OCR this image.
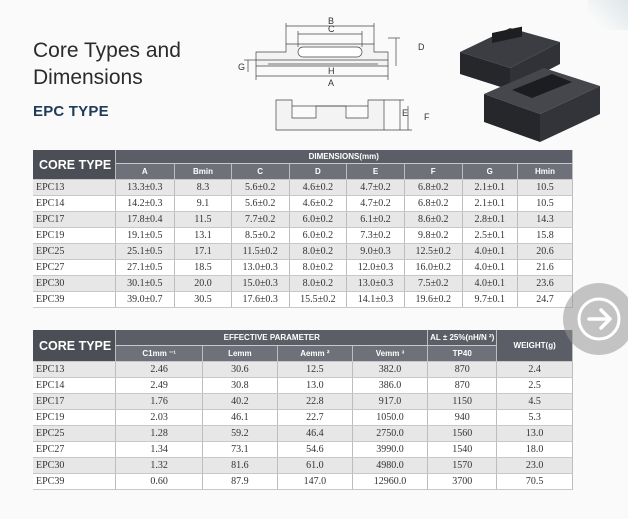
Core Types and
Dimensions
EPC TYPE
B
C
D
G	H
A
E F
CORE TYPE	DIMENSIONS(mm)							
	A	Bmin	C	D	E	F	G	Hmin
EPC13	13.3±0.3	8.3	5.6±0.2	4.6±0.2	4.7±0.2	6.8±0.2	2.1±0.1	10.5
EPC14	14.2±0.3	9.1	5.6±0.2	4.6±0.2	4.7±0.2	6.8±0.2	2.1±0.1	10.5
EPC17	17.8±0.4	11.5	7.7±0.2	6.0±0.2	6.1±0.2	8.6±0.2	2.8±0.1	14.3
EPC19	19.1±0.5	13.1	8.5±0.2	6.0±0.2	7.3±0.2	9.8±0.2	2.5±0.1	15.8
EPC25	25.1±0.5	17.1	11.5±0.2	8.0±0.2	9.0±0.3	12.5±0.2	4.0±0.1	20.6
EPC27	27.1±0.5	18.5	13.0±0.3	8.0±0.2	12.0±0.3	16.0±0.2	4.0±0.1	21.6
EPC30	30.1±0.5	20.0	15.0±0.3	8.0±0.2	13.0±0.3	7.5±0.2	4.0±0.1	23.6
EPC39	39.0±0.7	30.5	17.6±0.3	15.5±0.2	14.1±0.3	19.6±0.2	9.7±0.1	24.7
CORE TYPE	EFFECTIVE PARAMETER				AL ± 25%(nH/N ²)	WEIGHT(g)
	C1mm ⁻¹	Lemm	Aemm ²	Vemm ³	TP40	
EPC13	2.46	30.6	12.5	382.0	870	2.4
EPC14	2.49	30.8	13.0	386.0	870	2.5
EPC17	1.76	40.2	22.8	917.0	1150	4.5
EPC19	2.03	46.1	22.7	1050.0	940	5.3
EPC25	1.28	59.2	46.4	2750.0	1560	13.0
EPC27	1.34	73.1	54.6	3990.0	1540	18.0
EPC30	1.32	81.6	61.0	4980.0	1570	23.0
EPC39	0.60	87.9	147.0	12960.0	3700	70.5
